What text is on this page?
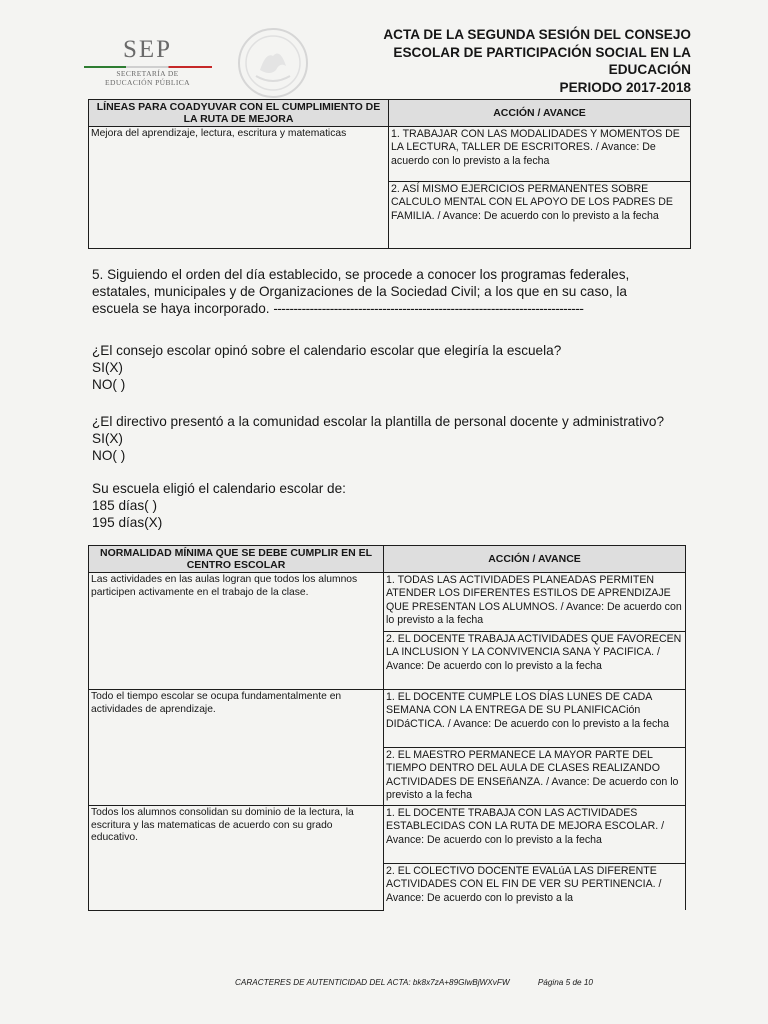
SEP
SECRETARÍA DE
EDUCACIÓN PÚBLICA
ACTA DE LA SEGUNDA SESIÓN DEL CONSEJO
ESCOLAR DE PARTICIPACIÓN SOCIAL EN LA
EDUCACIÓN
PERIODO 2017-2018
LÍNEAS PARA COADYUVAR CON EL CUMPLIMIENTO DE LA RUTA DE MEJORA	ACCIÓN / AVANCE
Mejora del aprendizaje, lectura, escritura y matematicas	1. TRABAJAR CON LAS MODALIDADES Y MOMENTOS DE LA LECTURA, TALLER DE ESCRITORES. / Avance: De acuerdo con lo previsto a la fecha
	2. ASÍ MISMO EJERCICIOS PERMANENTES SOBRE CALCULO MENTAL CON EL APOYO DE LOS PADRES DE FAMILIA. / Avance: De acuerdo con lo previsto a la fecha
5. Siguiendo el orden del día establecido, se procede a conocer los programas federales, estatales, municipales y de Organizaciones de la Sociedad Civil; a los que en su caso, la escuela se haya incorporado. -----------------------------------------------------------------------------
¿El consejo escolar opinó sobre el calendario escolar que elegiría la escuela?
SI(X)
NO( )
¿El directivo presentó a la comunidad escolar la plantilla de personal docente y administrativo?
SI(X)
NO( )
Su escuela eligió el calendario escolar de:
185 días( )
195 días(X)
NORMALIDAD MÍNIMA QUE SE DEBE CUMPLIR EN EL CENTRO ESCOLAR	ACCIÓN / AVANCE
Las actividades en las aulas logran que todos los alumnos participen activamente en el trabajo de la clase.	1. TODAS LAS ACTIVIDADES PLANEADAS PERMITEN ATENDER LOS DIFERENTES ESTILOS DE APRENDIZAJE QUE PRESENTAN LOS ALUMNOS. / Avance: De acuerdo con lo previsto a la fecha
	2. EL DOCENTE TRABAJA ACTIVIDADES QUE FAVORECEN LA INCLUSION Y LA CONVIVENCIA SANA Y PACIFICA. / Avance: De acuerdo con lo previsto a la fecha
Todo el tiempo escolar se ocupa fundamentalmente en actividades de aprendizaje.	1. EL DOCENTE CUMPLE LOS DÍAS LUNES DE CADA SEMANA CON LA ENTREGA DE SU PLANIFICACión DIDáCTICA. / Avance: De acuerdo con lo previsto a la fecha
	2. EL MAESTRO PERMANECE LA MAYOR PARTE DEL TIEMPO DENTRO DEL AULA DE CLASES REALIZANDO ACTIVIDADES DE ENSEñANZA. / Avance: De acuerdo con lo previsto a la fecha
Todos los alumnos consolidan su dominio de la lectura, la escritura y las matematicas de acuerdo con su grado educativo.	1. EL DOCENTE TRABAJA CON LAS ACTIVIDADES ESTABLECIDAS CON LA RUTA DE MEJORA ESCOLAR. / Avance: De acuerdo con lo previsto a la fecha
	2. EL COLECTIVO DOCENTE EVALúA LAS DIFERENTE ACTIVIDADES CON EL FIN DE VER SU PERTINENCIA. / Avance: De acuerdo con lo previsto a la
CARACTERES DE AUTENTICIDAD DEL ACTA: bk8x7zA+89GlwBjWXvFW	Página 5 de 10
